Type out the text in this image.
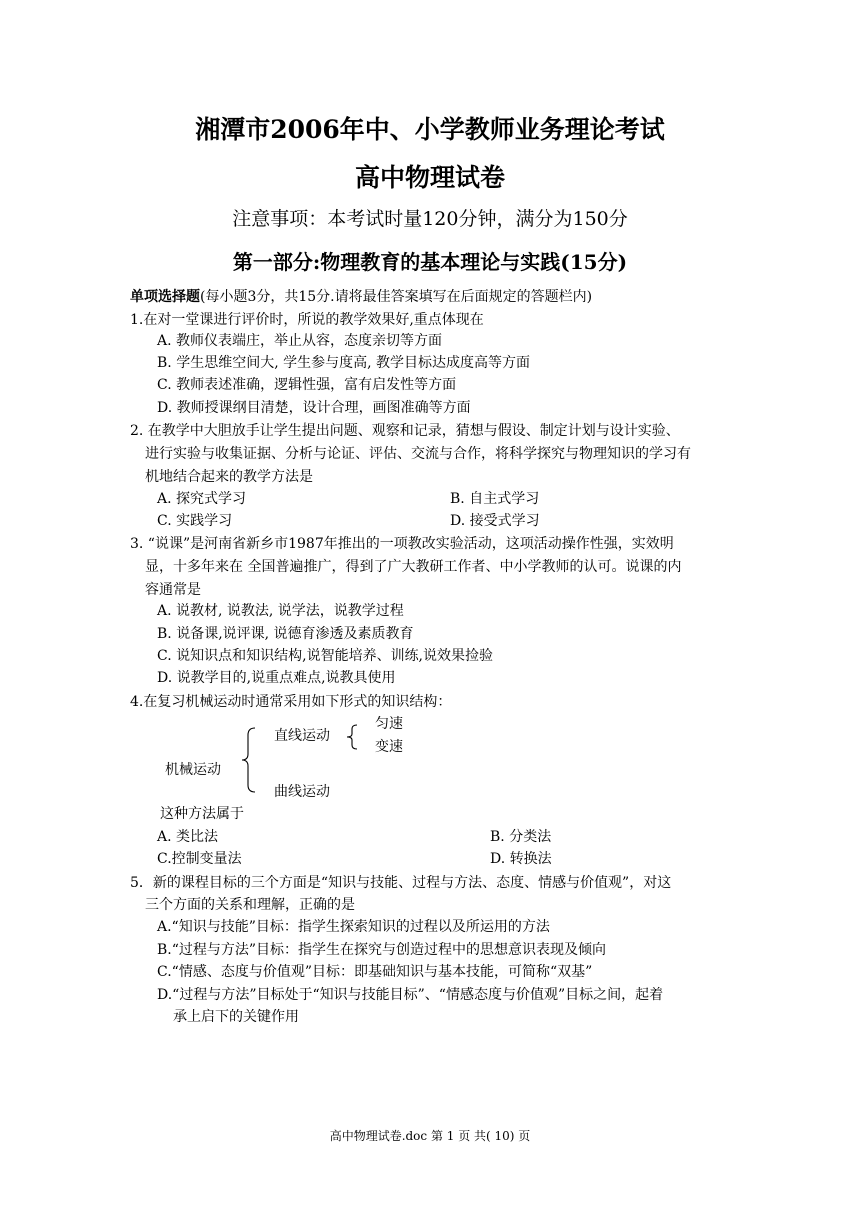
湘潭市2006年中、小学教师业务理论考试
高中物理试卷
注意事项：本考试时量120分钟，满分为150分
第一部分:物理教育的基本理论与实践(15分)
单项选择题(每小题3分，共15分.请将最佳答案填写在后面规定的答题栏内)
1.在对一堂课进行评价时，所说的教学效果好,重点体现在
A. 教师仪表端庄，举止从容，态度亲切等方面
B. 学生思维空间大, 学生参与度高, 教学目标达成度高等方面
C. 教师表述准确，逻辑性强，富有启发性等方面
D. 教师授课纲目清楚，设计合理，画图准确等方面
2. 在教学中大胆放手让学生提出问题、观察和记录，猜想与假设、制定计划与设计实验、
进行实验与收集证据、分析与论证、评估、交流与合作，将科学探究与物理知识的学习有
机地结合起来的教学方法是
A. 探究式学习	B. 自主式学习
C. 实践学习	D. 接受式学习
3. “说课”是河南省新乡市1987年推出的一项教改实验活动，这项活动操作性强，实效明
显，十多年来在 全国普遍推广，得到了广大教研工作者、中小学教师的认可。说课的内
容通常是
A. 说教材, 说教法, 说学法，说教学过程
B. 说备课,说评课, 说德育渗透及素质教育
C. 说知识点和知识结构,说智能培养、训练,说效果捡验
D. 说教学目的,说重点难点,说教具使用
4.在复习机械运动时通常采用如下形式的知识结构：
机械运动
直线运动
曲线运动
匀速
变速
这种方法属于
A. 类比法	B. 分类法
C.控制变量法	D. 转换法
5．新的课程目标的三个方面是“知识与技能、过程与方法、态度、情感与价值观”，对这
三个方面的关系和理解，正确的是
A.“知识与技能”目标：指学生探索知识的过程以及所运用的方法
B.“过程与方法”目标：指学生在探究与创造过程中的思想意识表现及倾向
C.“情感、态度与价值观”目标：即基础知识与基本技能，可简称“双基”
D.“过程与方法”目标处于“知识与技能目标”、“情感态度与价值观”目标之间，起着
承上启下的关键作用
高中物理试卷.doc 第 1 页 共( 10) 页
